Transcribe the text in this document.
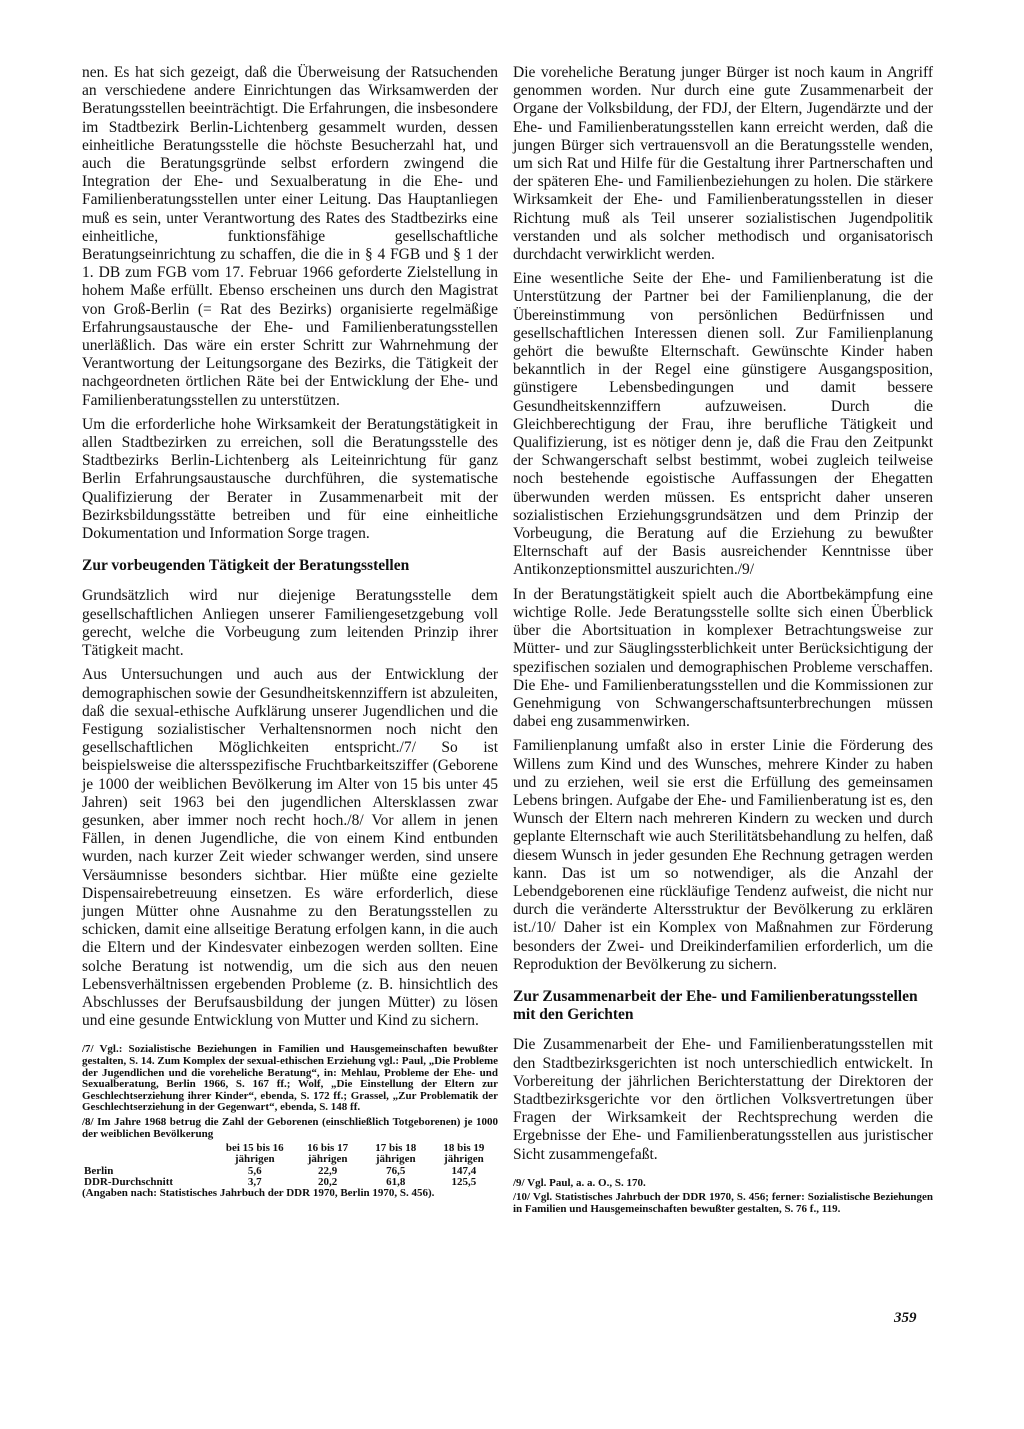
nen. Es hat sich gezeigt, daß die Überweisung der Ratsuchenden an verschiedene andere Einrichtungen das Wirksamwerden der Beratungsstellen beeinträchtigt. Die Erfahrungen, die insbesondere im Stadtbezirk Berlin-Lichtenberg gesammelt wurden, dessen einheitliche Beratungsstelle die höchste Besucherzahl hat, und auch die Beratungsgründe selbst erfordern zwingend die Integration der Ehe- und Sexualberatung in die Ehe- und Familienberatungsstellen unter einer Leitung. Das Hauptanliegen muß es sein, unter Verantwortung des Rates des Stadtbezirks eine einheitliche, funktionsfähige gesellschaftliche Beratungseinrichtung zu schaffen, die die in § 4 FGB und § 1 der 1. DB zum FGB vom 17. Februar 1966 geforderte Zielstellung in hohem Maße erfüllt. Ebenso erscheinen uns durch den Magistrat von Groß-Berlin (= Rat des Bezirks) organisierte regelmäßige Erfahrungsaustausche der Ehe- und Familienberatungsstellen unerläßlich. Das wäre ein erster Schritt zur Wahrnehmung der Verantwortung der Leitungsorgane des Bezirks, die Tätigkeit der nachgeordneten örtlichen Räte bei der Entwicklung der Ehe- und Familienberatungsstellen zu unterstützen.

Um die erforderliche hohe Wirksamkeit der Beratungstätigkeit in allen Stadtbezirken zu erreichen, soll die Beratungsstelle des Stadtbezirks Berlin-Lichtenberg als Leiteinrichtung für ganz Berlin Erfahrungsaustausche durchführen, die systematische Qualifizierung der Berater in Zusammenarbeit mit der Bezirksbildungsstätte betreiben und für eine einheitliche Dokumentation und Information Sorge tragen.

Zur vorbeugenden Tätigkeit der Beratungsstellen

Grundsätzlich wird nur diejenige Beratungsstelle dem gesellschaftlichen Anliegen unserer Familiengesetzgebung voll gerecht, welche die Vorbeugung zum leitenden Prinzip ihrer Tätigkeit macht.

Aus Untersuchungen und auch aus der Entwicklung der demographischen sowie der Gesundheitskennziffern ist abzuleiten, daß die sexual-ethische Aufklärung unserer Jugendlichen und die Festigung sozialistischer Verhaltensnormen noch nicht den gesellschaftlichen Möglichkeiten entspricht./7/ So ist beispielsweise die altersspezifische Fruchtbarkeitsziffer (Geborene je 1000 der weiblichen Bevölkerung im Alter von 15 bis unter 45 Jahren) seit 1963 bei den jugendlichen Altersklassen zwar gesunken, aber immer noch recht hoch./8/ Vor allem in jenen Fällen, in denen Jugendliche, die von einem Kind entbunden wurden, nach kurzer Zeit wieder schwanger werden, sind unsere Versäumnisse besonders sichtbar. Hier müßte eine gezielte Dispensairebetreuung einsetzen. Es wäre erforderlich, diese jungen Mütter ohne Ausnahme zu den Beratungsstellen zu schicken, damit eine allseitige Beratung erfolgen kann, in die auch die Eltern und der Kindesvater einbezogen werden sollten. Eine solche Beratung ist notwendig, um die sich aus den neuen Lebensverhältnissen ergebenden Probleme (z. B. hinsichtlich des Abschlusses der Berufsausbildung der jungen Mütter) zu lösen und eine gesunde Entwicklung von Mutter und Kind zu sichern.

/7/ Vgl.: Sozialistische Beziehungen in Familien und Hausgemeinschaften bewußter gestalten, S. 14. Zum Komplex der sexual-ethischen Erziehung vgl.: Paul, „Die Probleme der Jugendlichen und die voreheliche Beratung“, in: Mehlau, Probleme der Ehe- und Sexualberatung, Berlin 1966, S. 167 ff.; Wolf, „Die Einstellung der Eltern zur Geschlechtserziehung ihrer Kinder“, ebenda, S. 172 ff.; Grassel, „Zur Problematik der Geschlechtserziehung in der Gegenwart“, ebenda, S. 148 ff.

/8/ Im Jahre 1968 betrug die Zahl der Geborenen (einschließlich Totgeborenen) je 1000 der weiblichen Bevölkerung

	bei 15 bis 16 jährigen	16 bis 17 jährigen	17 bis 18 jährigen	18 bis 19 jährigen
Berlin	5,6	22,9	76,5	147,4
DDR-Durchschnitt	3,7	20,2	61,8	125,5

(Angaben nach: Statistisches Jahrbuch der DDR 1970, Berlin 1970, S. 456).

Die voreheliche Beratung junger Bürger ist noch kaum in Angriff genommen worden. Nur durch eine gute Zusammenarbeit der Organe der Volksbildung, der FDJ, der Eltern, Jugendärzte und der Ehe- und Familienberatungsstellen kann erreicht werden, daß die jungen Bürger sich vertrauensvoll an die Beratungsstelle wenden, um sich Rat und Hilfe für die Gestaltung ihrer Partnerschaften und der späteren Ehe- und Familienbeziehungen zu holen. Die stärkere Wirksamkeit der Ehe- und Familienberatungsstellen in dieser Richtung muß als Teil unserer sozialistischen Jugendpolitik verstanden und als solcher methodisch und organisatorisch durchdacht verwirklicht werden.

Eine wesentliche Seite der Ehe- und Familienberatung ist die Unterstützung der Partner bei der Familienplanung, die der Übereinstimmung von persönlichen Bedürfnissen und gesellschaftlichen Interessen dienen soll. Zur Familienplanung gehört die bewußte Elternschaft. Gewünschte Kinder haben bekanntlich in der Regel eine günstigere Ausgangsposition, günstigere Lebensbedingungen und damit bessere Gesundheitskennziffern aufzuweisen. Durch die Gleichberechtigung der Frau, ihre berufliche Tätigkeit und Qualifizierung, ist es nötiger denn je, daß die Frau den Zeitpunkt der Schwangerschaft selbst bestimmt, wobei zugleich teilweise noch bestehende egoistische Auffassungen der Ehegatten überwunden werden müssen. Es entspricht daher unseren sozialistischen Erziehungsgrundsätzen und dem Prinzip der Vorbeugung, die Beratung auf die Erziehung zu bewußter Elternschaft auf der Basis ausreichender Kenntnisse über Antikonzeptionsmittel auszurichten./9/

In der Beratungstätigkeit spielt auch die Abortbekämpfung eine wichtige Rolle. Jede Beratungsstelle sollte sich einen Überblick über die Abortsituation in komplexer Betrachtungsweise zur Mütter- und zur Säuglingssterblichkeit unter Berücksichtigung der spezifischen sozialen und demographischen Probleme verschaffen. Die Ehe- und Familienberatungsstellen und die Kommissionen zur Genehmigung von Schwangerschaftsunterbrechungen müssen dabei eng zusammenwirken.

Familienplanung umfaßt also in erster Linie die Förderung des Willens zum Kind und des Wunsches, mehrere Kinder zu haben und zu erziehen, weil sie erst die Erfüllung des gemeinsamen Lebens bringen. Aufgabe der Ehe- und Familienberatung ist es, den Wunsch der Eltern nach mehreren Kindern zu wecken und durch geplante Elternschaft wie auch Sterilitätsbehandlung zu helfen, daß diesem Wunsch in jeder gesunden Ehe Rechnung getragen werden kann. Das ist um so notwendiger, als die Anzahl der Lebendgeborenen eine rückläufige Tendenz aufweist, die nicht nur durch die veränderte Altersstruktur der Bevölkerung zu erklären ist./10/ Daher ist ein Komplex von Maßnahmen zur Förderung besonders der Zwei- und Dreikinderfamilien erforderlich, um die Reproduktion der Bevölkerung zu sichern.

Zur Zusammenarbeit der Ehe- und Familienberatungsstellen mit den Gerichten

Die Zusammenarbeit der Ehe- und Familienberatungsstellen mit den Stadtbezirksgerichten ist noch unterschiedlich entwickelt. In Vorbereitung der jährlichen Berichterstattung der Direktoren der Stadtbezirksgerichte vor den örtlichen Volksvertretungen über Fragen der Wirksamkeit der Rechtsprechung werden die Ergebnisse der Ehe- und Familienberatungsstellen aus juristischer Sicht zusammengefaßt.

/9/ Vgl. Paul, a. a. O., S. 170.

/10/ Vgl. Statistisches Jahrbuch der DDR 1970, S. 456; ferner: Sozialistische Beziehungen in Familien und Hausgemeinschaften bewußter gestalten, S. 76 f., 119.

359
